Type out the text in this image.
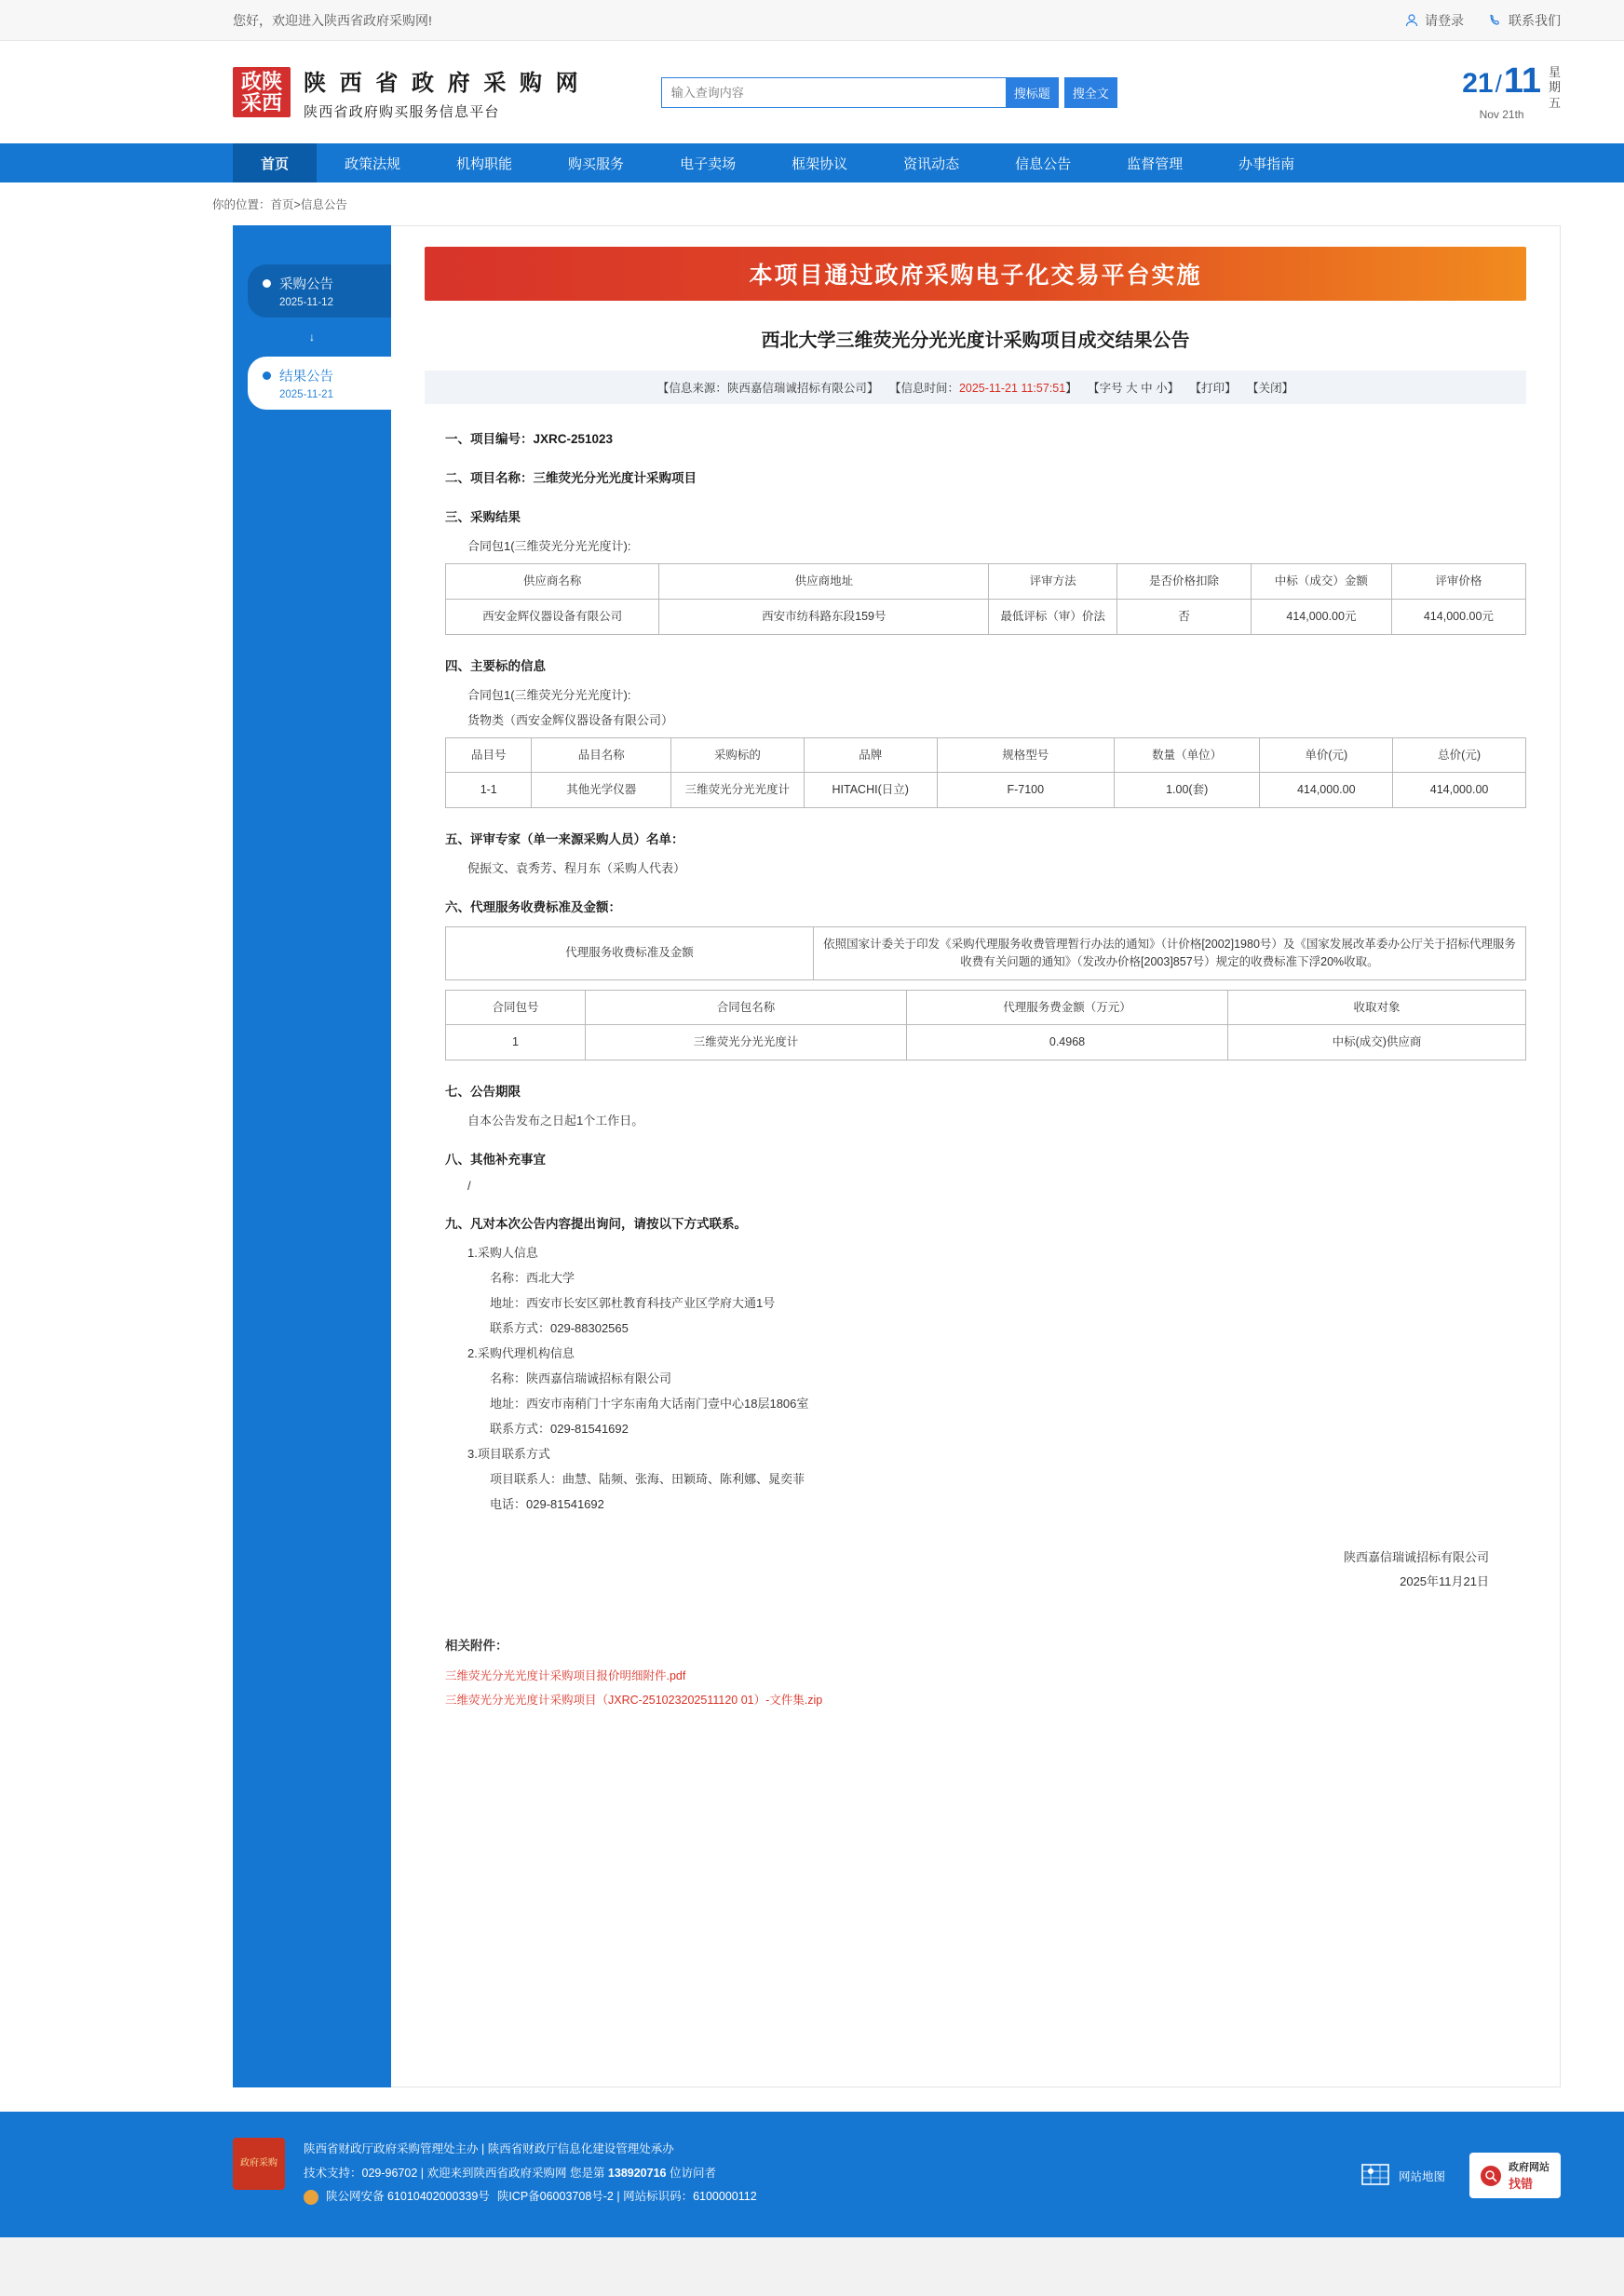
您好，欢迎进入陕西省政府采购网!	请登录	联系我们
政陕采西
陕 西 省 政 府 采 购 网
陕西省政府购买服务信息平台
输入查询内容
搜标题	搜全文	21/11
Nov 21th
星
期
五
首页	政策法规	机构职能	购买服务	电子卖场	框架协议	资讯动态	信息公告	监督管理	办事指南
你的位置：首页>信息公告
采购公告
2025-11-12
↓
结果公告
2025-11-21
本项目通过政府采购电子化交易平台实施
西北大学三维荧光分光光度计采购项目成交结果公告
【信息来源：陕西嘉信瑞诚招标有限公司】 【信息时间：2025-11-21 11:57:51】 【字号 大 中 小】 【打印】 【关闭】
一、项目编号：JXRC-251023
二、项目名称：三维荧光分光光度计采购项目
三、采购结果
合同包1(三维荧光分光光度计):
供应商名称	供应商地址	评审方法	是否价格扣除	中标（成交）金额	评审价格
西安金辉仪器设备有限公司	西安市纺科路东段159号	最低评标（审）价法	否	414,000.00元	414,000.00元
四、主要标的信息
合同包1(三维荧光分光光度计):
货物类（西安金辉仪器设备有限公司）
品目号	品目名称	采购标的	品牌	规格型号	数量（单位）	单价(元)	总价(元)
1-1	其他光学仪器	三维荧光分光光度计	HITACHI(日立)	F-7100	1.00(套)	414,000.00	414,000.00
五、评审专家（单一来源采购人员）名单：
倪振文、袁秀芳、程月东（采购人代表）
六、代理服务收费标准及金额：
代理服务收费标准及金额	依照国家计委关于印发《采购代理服务收费管理暂行办法的通知》（计价格[2002]1980号）及《国家发展改革委办公厅关于招标代理服务收费有关问题的通知》（发改办价格[2003]857号）规定的收费标准下浮20%收取。
合同包号	合同包名称	代理服务费金额（万元）	收取对象
1	三维荧光分光光度计	0.4968	中标(成交)供应商
七、公告期限
自本公告发布之日起1个工作日。
八、其他补充事宜
/
九、凡对本次公告内容提出询问，请按以下方式联系。
1.采购人信息
名称：西北大学
地址：西安市长安区郭杜教育科技产业区学府大通1号
联系方式：029-88302565
2.采购代理机构信息
名称：陕西嘉信瑞诚招标有限公司
地址：西安市南稍门十字东南角大话南门壹中心18层1806室
联系方式：029-81541692
3.项目联系方式
项目联系人：曲慧、陆频、张海、田颖琦、陈利娜、晁奕菲
电话：029-81541692
陕西嘉信瑞诚招标有限公司
2025年11月21日
相关附件：
三维荧光分光光度计采购项目报价明细附件.pdf
三维荧光分光光度计采购项目（JXRC-251023202511120 01）-文件集.zip
政府采购
陕西省财政厅政府采购管理处主办 | 陕西省财政厅信息化建设管理处承办
技术支持：029-96702 | 欢迎来到陕西省政府采购网 您是第 138920716 位访问者
陕公网安备 61010402000339号 陕ICP备06003708号-2 | 网站标识码：6100000112
网站地图
政府网站
找错
